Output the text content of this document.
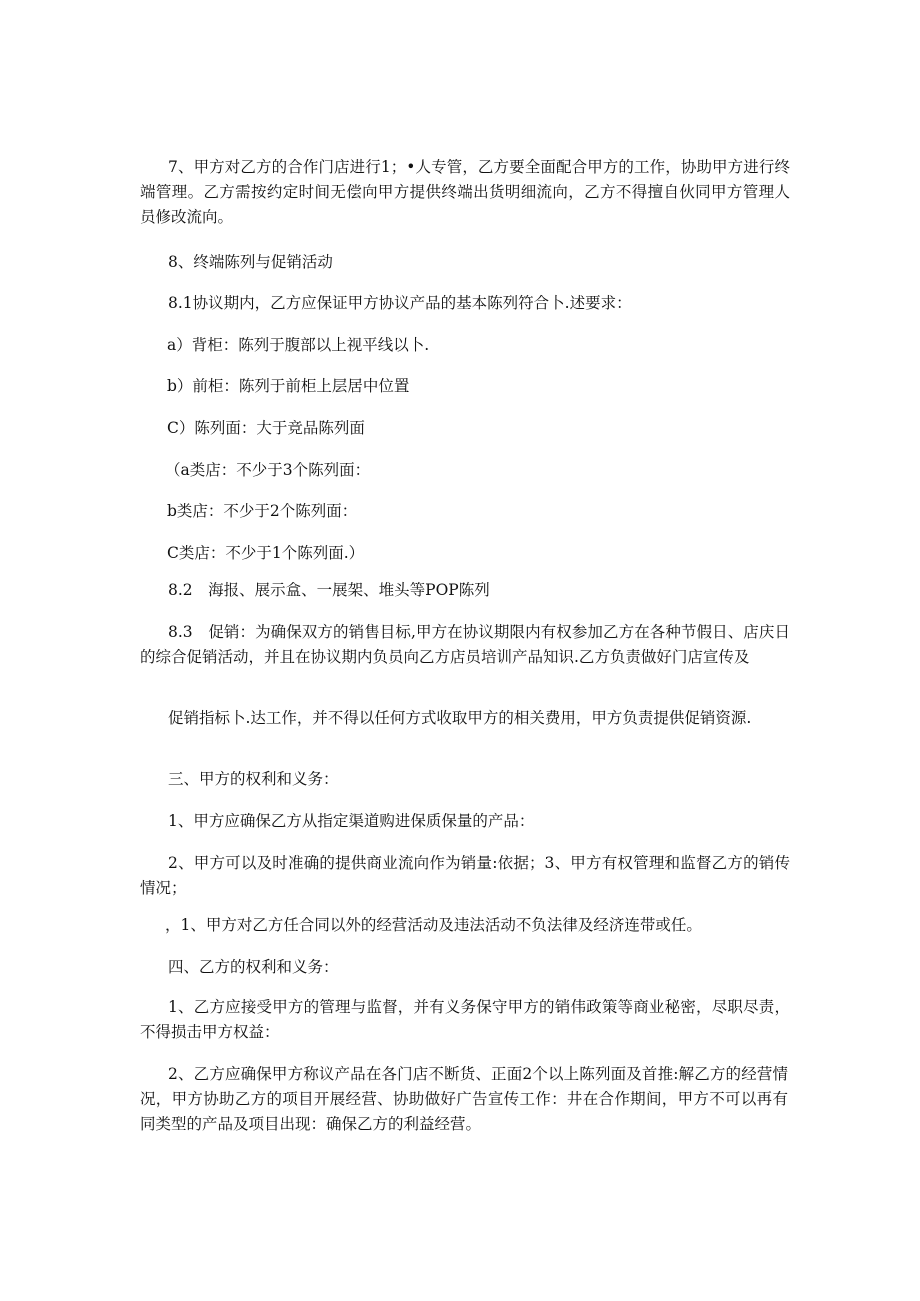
7、甲方对乙方的合作门店进行1；•人专管，乙方要全面配合甲方的工作，协助甲方进行终端管理。乙方需按约定时间无偿向甲方提供终端出货明细流向，乙方不得擅自伙同甲方管理人员修改流向。

8、终端陈列与促销活动

8.1协议期内，乙方应保证甲方协议产品的基本陈列符合卜.述要求：

a）背柜：陈列于腹部以上视平线以卜.

b）前柜：陈列于前柜上层居中位置

C）陈列面：大于竞品陈列面

（a类店：不少于3个陈列面：

b类店：不少于2个陈列面：

C类店：不少于1个陈列面.）

8.2　海报、展示盒、一展架、堆头等POP陈列

8.3　促销：为确保双方的销售目标,甲方在协议期限内有权参加乙方在各种节假日、店庆日的综合促销活动，并且在协议期内负员向乙方店员培训产品知识.乙方负责做好门店宣传及

促销指标卜.达工作，并不得以任何方式收取甲方的相关费用，甲方负责提供促销资源.

三、甲方的权利和义务：

1、甲方应确保乙方从指定渠道购进保质保量的产品：

2、甲方可以及时准确的提供商业流向作为销量:依据；3、甲方有权管理和监督乙方的销传情况；

，1、甲方对乙方任合同以外的经营活动及违法活动不负法律及经济连带或任。

四、乙方的权利和义务：

1、乙方应接受甲方的管理与监督，并有义务保守甲方的销伟政策等商业秘密，尽职尽责，不得损击甲方权益：

2、乙方应确保甲方称议产品在各门店不断货、正面2个以上陈列面及首推:解乙方的经营情况，甲方协助乙方的项目开展经营、协助做好广告宣传工作：井在合作期间，甲方不可以再有同类型的产品及项目出现：确保乙方的利益经营。
